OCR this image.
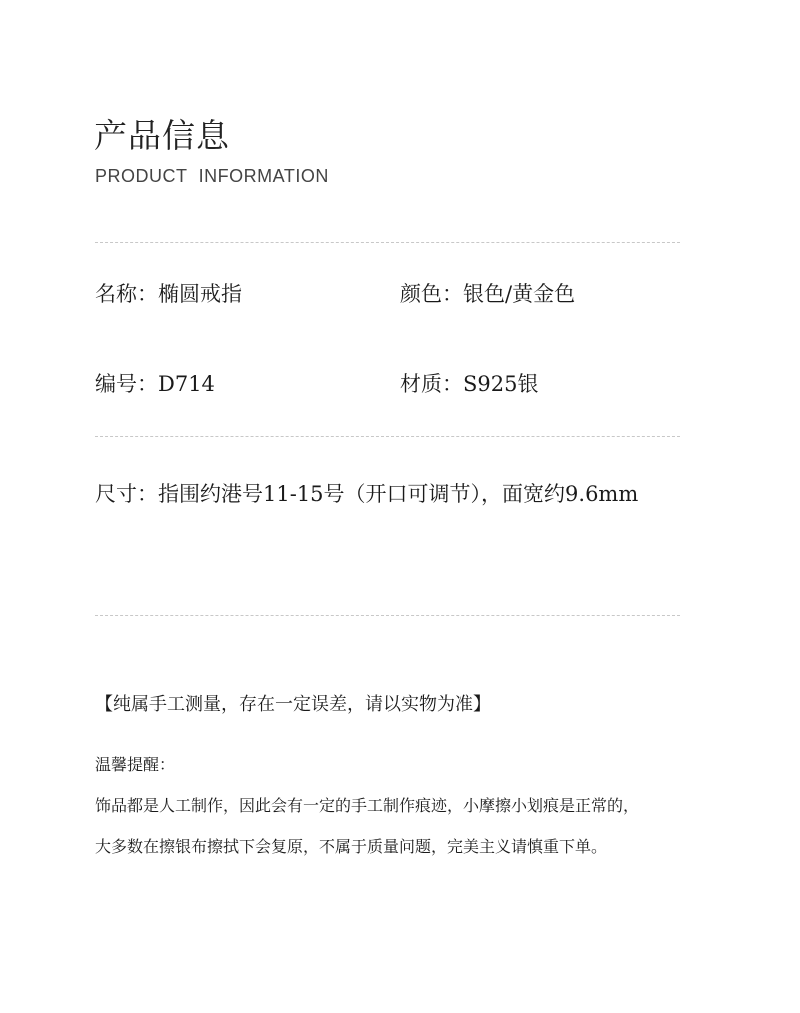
产品信息
PRODUCT INFORMATION
名称：椭圆戒指	颜色：银色/黄金色
编号：D714	材质：S925银
尺寸：指围约港号11-15号（开口可调节），面宽约9.6mm
【纯属手工测量，存在一定误差，请以实物为准】
温馨提醒：
饰品都是人工制作，因此会有一定的手工制作痕迹，小摩擦小划痕是正常的，
大多数在擦银布擦拭下会复原，不属于质量问题，完美主义请慎重下单。
